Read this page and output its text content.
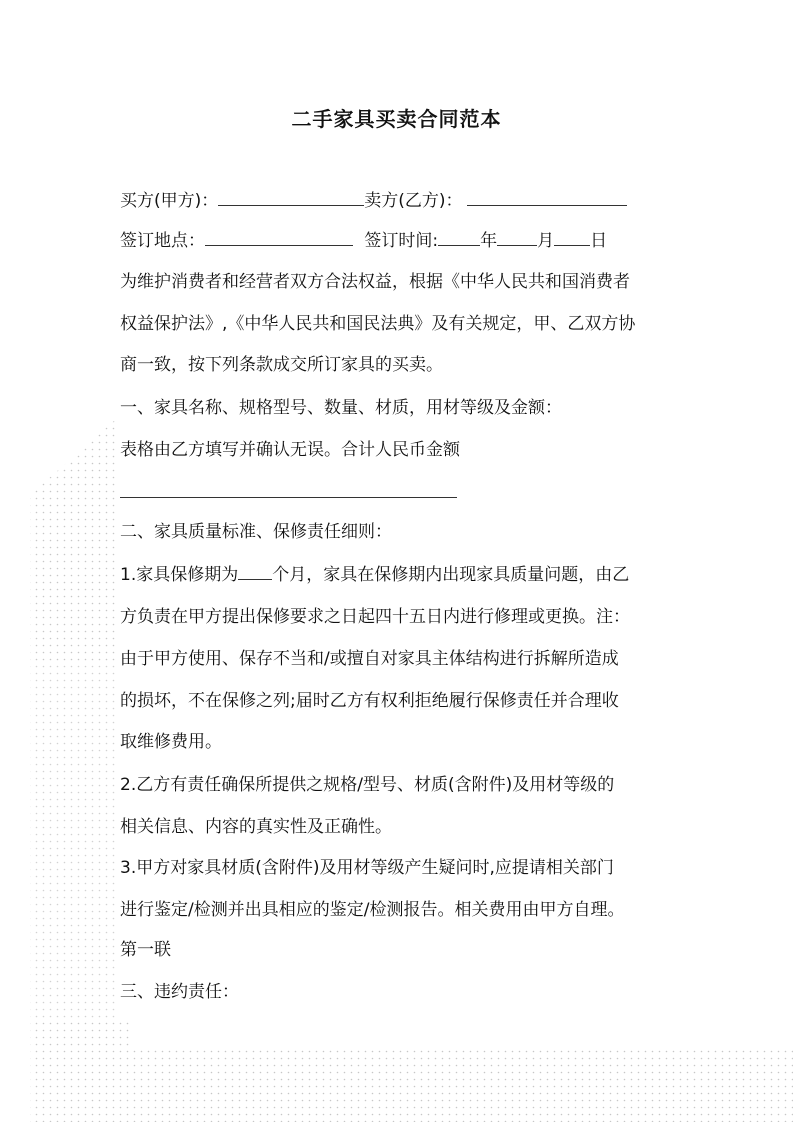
二手家具买卖合同范本
买方(甲方)：	卖方(乙方)：
签订地点：	签订时间: 年 月 日
为维护消费者和经营者双方合法权益，根据《中华人民共和国消费者
权益保护法》,《中华人民共和国民法典》及有关规定，甲、乙双方协
商一致，按下列条款成交所订家具的买卖。
一、家具名称、规格型号、数量、材质，用材等级及金额：
表格由乙方填写并确认无误。合计人民币金额
二、家具质量标准、保修责任细则：
1.家具保修期为 个月，家具在保修期内出现家具质量问题，由乙
方负责在甲方提出保修要求之日起四十五日内进行修理或更换。注：
由于甲方使用、保存不当和/或擅自对家具主体结构进行拆解所造成
的损坏，不在保修之列;届时乙方有权利拒绝履行保修责任并合理收
取维修费用。
2.乙方有责任确保所提供之规格/型号、材质(含附件)及用材等级的
相关信息、内容的真实性及正确性。
3.甲方对家具材质(含附件)及用材等级产生疑问时,应提请相关部门
进行鉴定/检测并出具相应的鉴定/检测报告。相关费用由甲方自理。
第一联
三、违约责任：
